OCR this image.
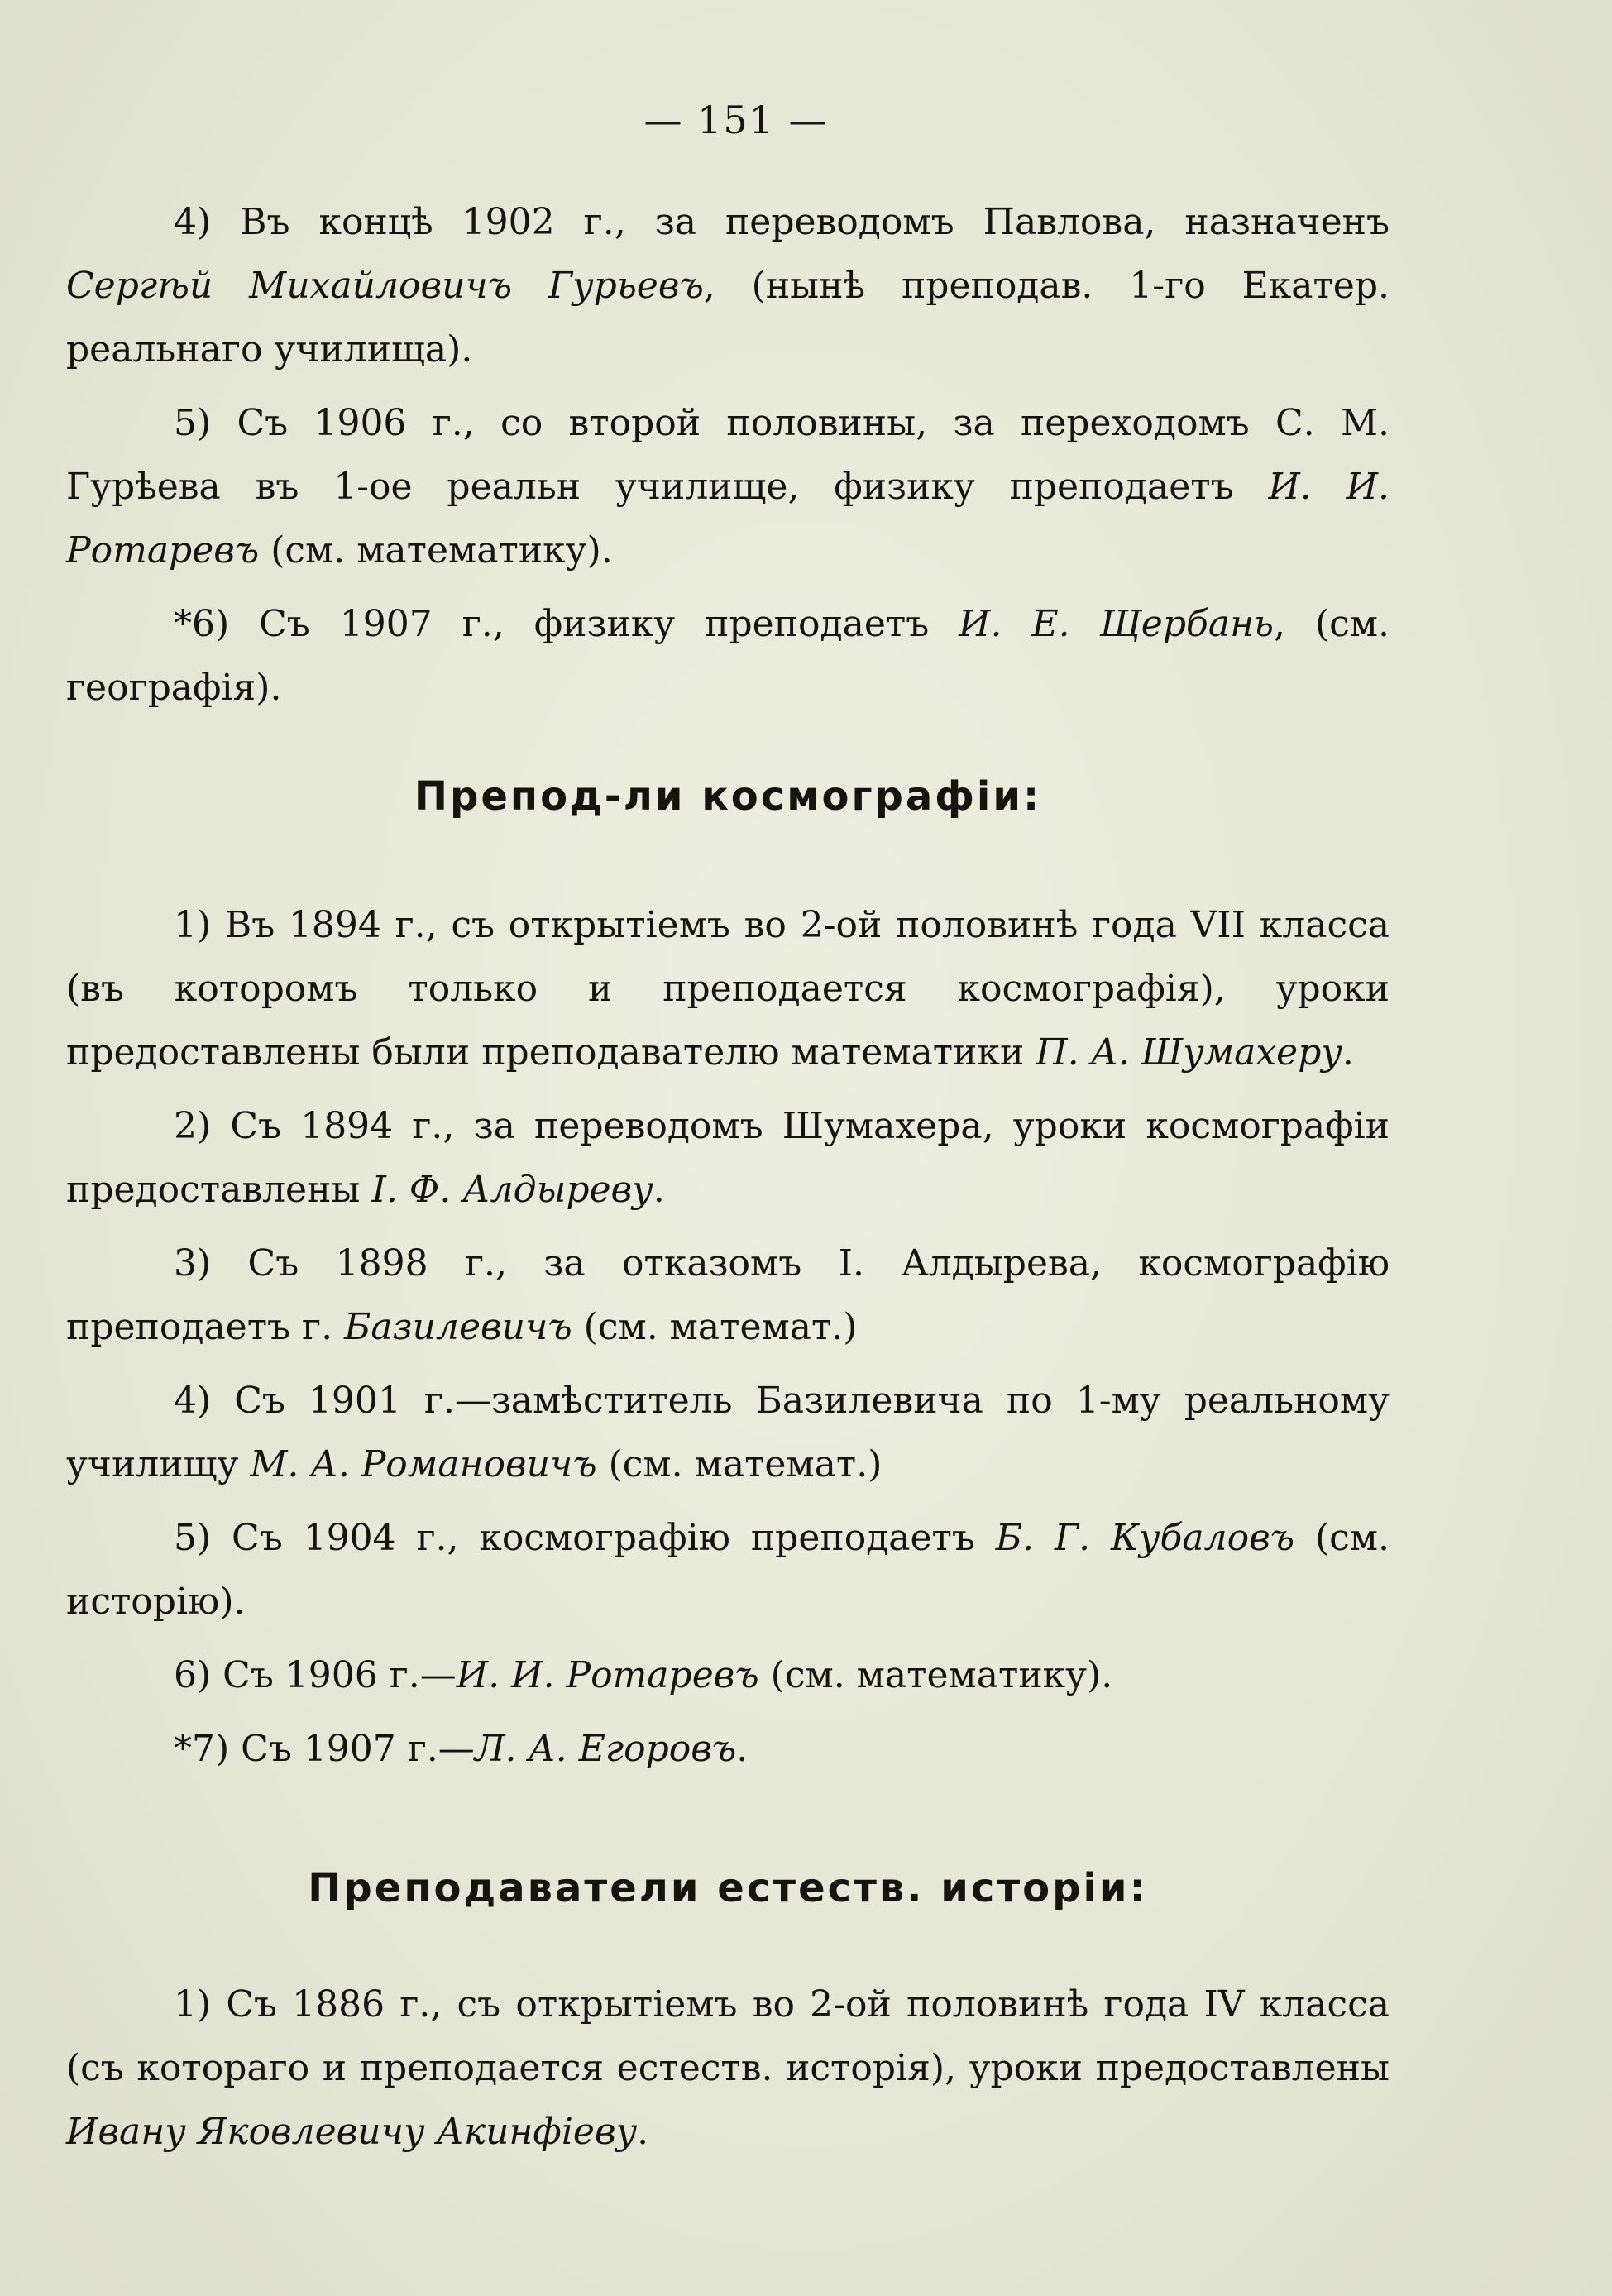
— 151 —

4) Въ концѣ 1902 г., за переводомъ Павлова, назначенъ Сергѣй Михайловичъ Гурьевъ, (нынѣ преподав. 1-го Екатер. реальнаго училища).

5) Съ 1906 г., со второй половины, за переходомъ С. М. Гурѣева въ 1-ое реальн училище, физику преподаетъ И. И. Ротаревъ (см. математику).

*6) Съ 1907 г., физику преподаетъ И. Е. Щербань, (см. географія).

Препод-ли космографіи:

1) Въ 1894 г., съ открытіемъ во 2-ой половинѣ года VII класса (въ которомъ только и преподается космографія), уроки предоставлены были преподавателю математики П. А. Шумахеру.

2) Съ 1894 г., за переводомъ Шумахера, уроки космографіи предоставлены І. Ф. Алдыреву.

3) Съ 1898 г., за отказомъ І. Алдырева, космографію преподаетъ г. Базилевичъ (см. математ.)

4) Съ 1901 г.—замѣститель Базилевича по 1-му реальному училищу М. А. Романовичъ (см. математ.)

5) Съ 1904 г., космографію преподаетъ Б. Г. Кубаловъ (см. исторію).

6) Съ 1906 г.—И. И. Ротаревъ (см. математику).

*7) Съ 1907 г.—Л. А. Егоровъ.

Преподаватели естеств. исторіи:

1) Съ 1886 г., съ открытіемъ во 2-ой половинѣ года IV класса (съ котораго и преподается естеств. исторія), уроки предоставлены Ивану Яковлевичу Акинфіеву.
